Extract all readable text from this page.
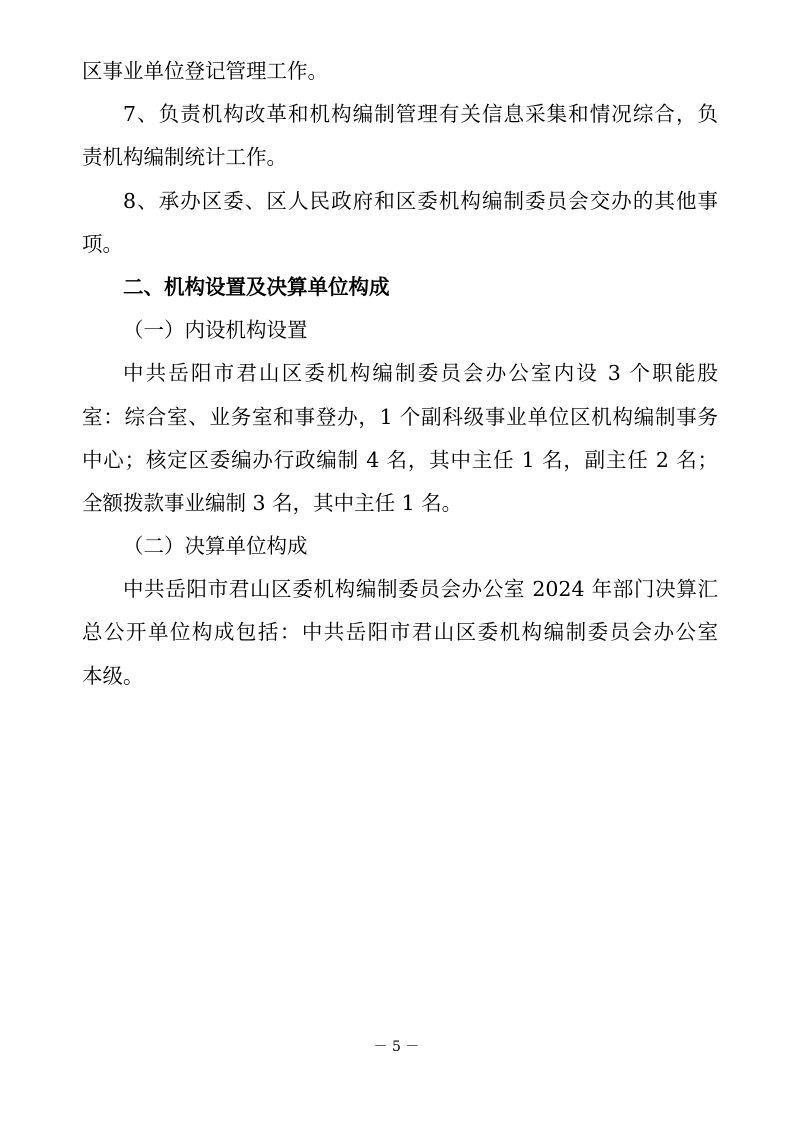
区事业单位登记管理工作。
7、负责机构改革和机构编制管理有关信息采集和情况综合，负
责机构编制统计工作。
8、承办区委、区人民政府和区委机构编制委员会交办的其他事
项。
二、机构设置及决算单位构成
（一）内设机构设置
中共岳阳市君山区委机构编制委员会办公室内设 3 个职能股
室：综合室、业务室和事登办，1 个副科级事业单位区机构编制事务
中心；核定区委编办行政编制 4 名，其中主任 1 名，副主任 2 名；
全额拨款事业编制 3 名，其中主任 1 名。
（二）决算单位构成
中共岳阳市君山区委机构编制委员会办公室 2024 年部门决算汇
总公开单位构成包括：中共岳阳市君山区委机构编制委员会办公室
本级。
－ 5 －
